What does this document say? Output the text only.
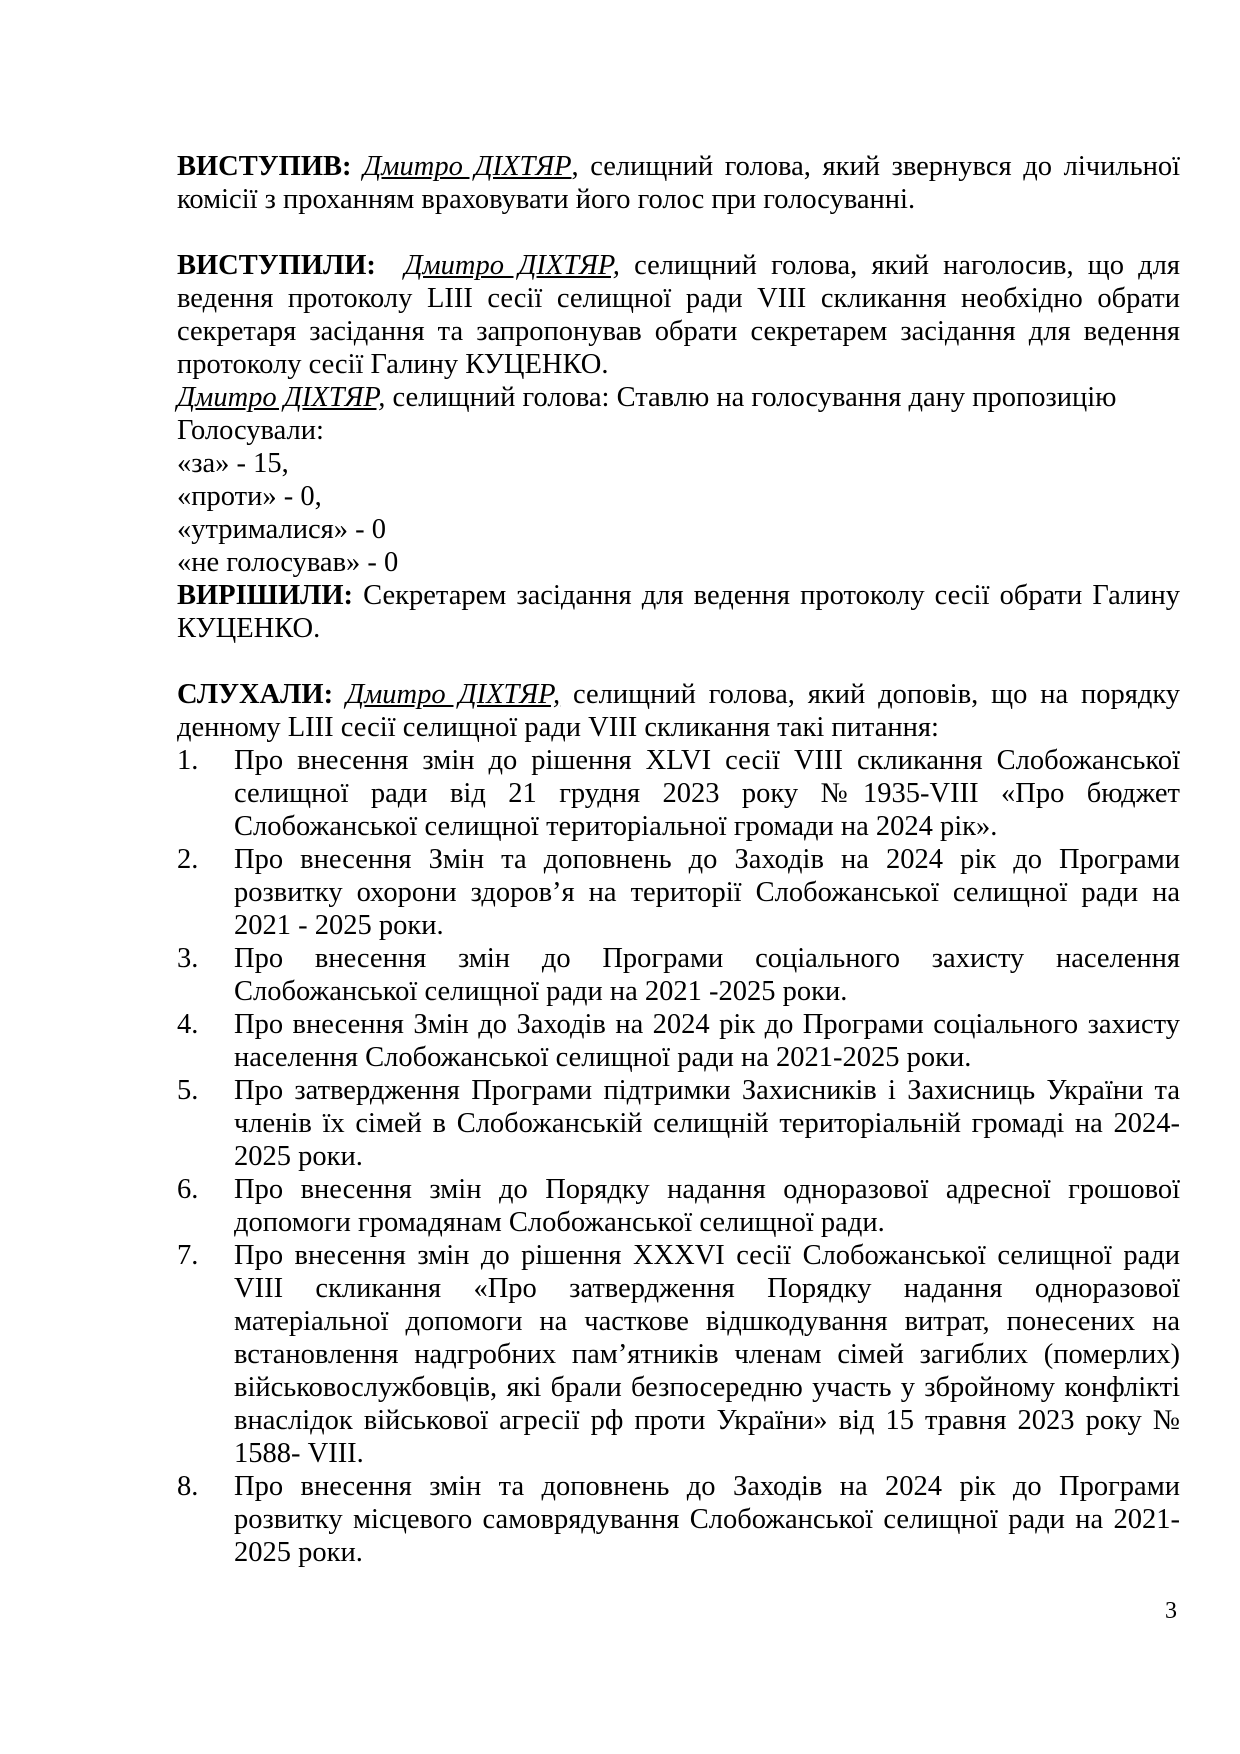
ВИСТУПИВ: Дмитро ДІХТЯР, селищний голова, який звернувся до лічильної комісії з проханням враховувати його голос при голосуванні.

ВИСТУПИЛИ: Дмитро ДІХТЯР, селищний голова, який наголосив, що для ведення протоколу LIII сесії селищної ради VIII скликання необхідно обрати секретаря засідання та запропонував обрати секретарем засідання для ведення протоколу сесії Галину КУЦЕНКО.

Дмитро ДІХТЯР, селищний голова: Ставлю на голосування дану пропозицію

Голосували:

«за» - 15,

«проти» - 0,

«утрималися» - 0

«не голосував» - 0

ВИРІШИЛИ: Секретарем засідання для ведення протоколу сесії обрати Галину КУЦЕНКО.

СЛУХАЛИ: Дмитро ДІХТЯР, селищний голова, який доповів, що на порядку денному LIII сесії селищної ради VIII скликання такі питання:

1.	Про внесення змін до рішення XLVI сесії VIII скликання Слобожанської селищної ради від 21 грудня 2023 року №1935-VIII «Про бюджет Слобожанської селищної територіальної громади на 2024 рік».
2.	Про внесення Змін та доповнень до Заходів на 2024 рік до Програми розвитку охорони здоров’я на території Слобожанської селищної ради на 2021 - 2025 роки.
3.	Про внесення змін до Програми соціального захисту населення Слобожанської селищної ради на 2021 -2025 роки.
4.	Про внесення Змін до Заходів на 2024 рік до Програми соціального захисту населення Слобожанської селищної ради на 2021-2025 роки.
5.	Про затвердження Програми підтримки Захисників і Захисниць України та членів їх сімей в Слобожанській селищній територіальній громаді на 2024-2025 роки.
6.	Про внесення змін до Порядку надання одноразової адресної грошової допомоги громадянам Слобожанської селищної ради.
7.	Про внесення змін до рішення XXXVI сесії Слобожанської селищної ради VIII скликання «Про затвердження Порядку надання одноразової матеріальної допомоги на часткове відшкодування витрат, понесених на встановлення надгробних пам’ятників членам сімей загиблих (померлих) військовослужбовців, які брали безпосередню участь у збройному конфлікті внаслідок військової агресії рф проти України» від 15 травня 2023 року № 1588- VIII.
8.	Про внесення змін та доповнень до Заходів на 2024 рік до Програми розвитку місцевого самоврядування Слобожанської селищної ради на 2021-2025 роки.
3
